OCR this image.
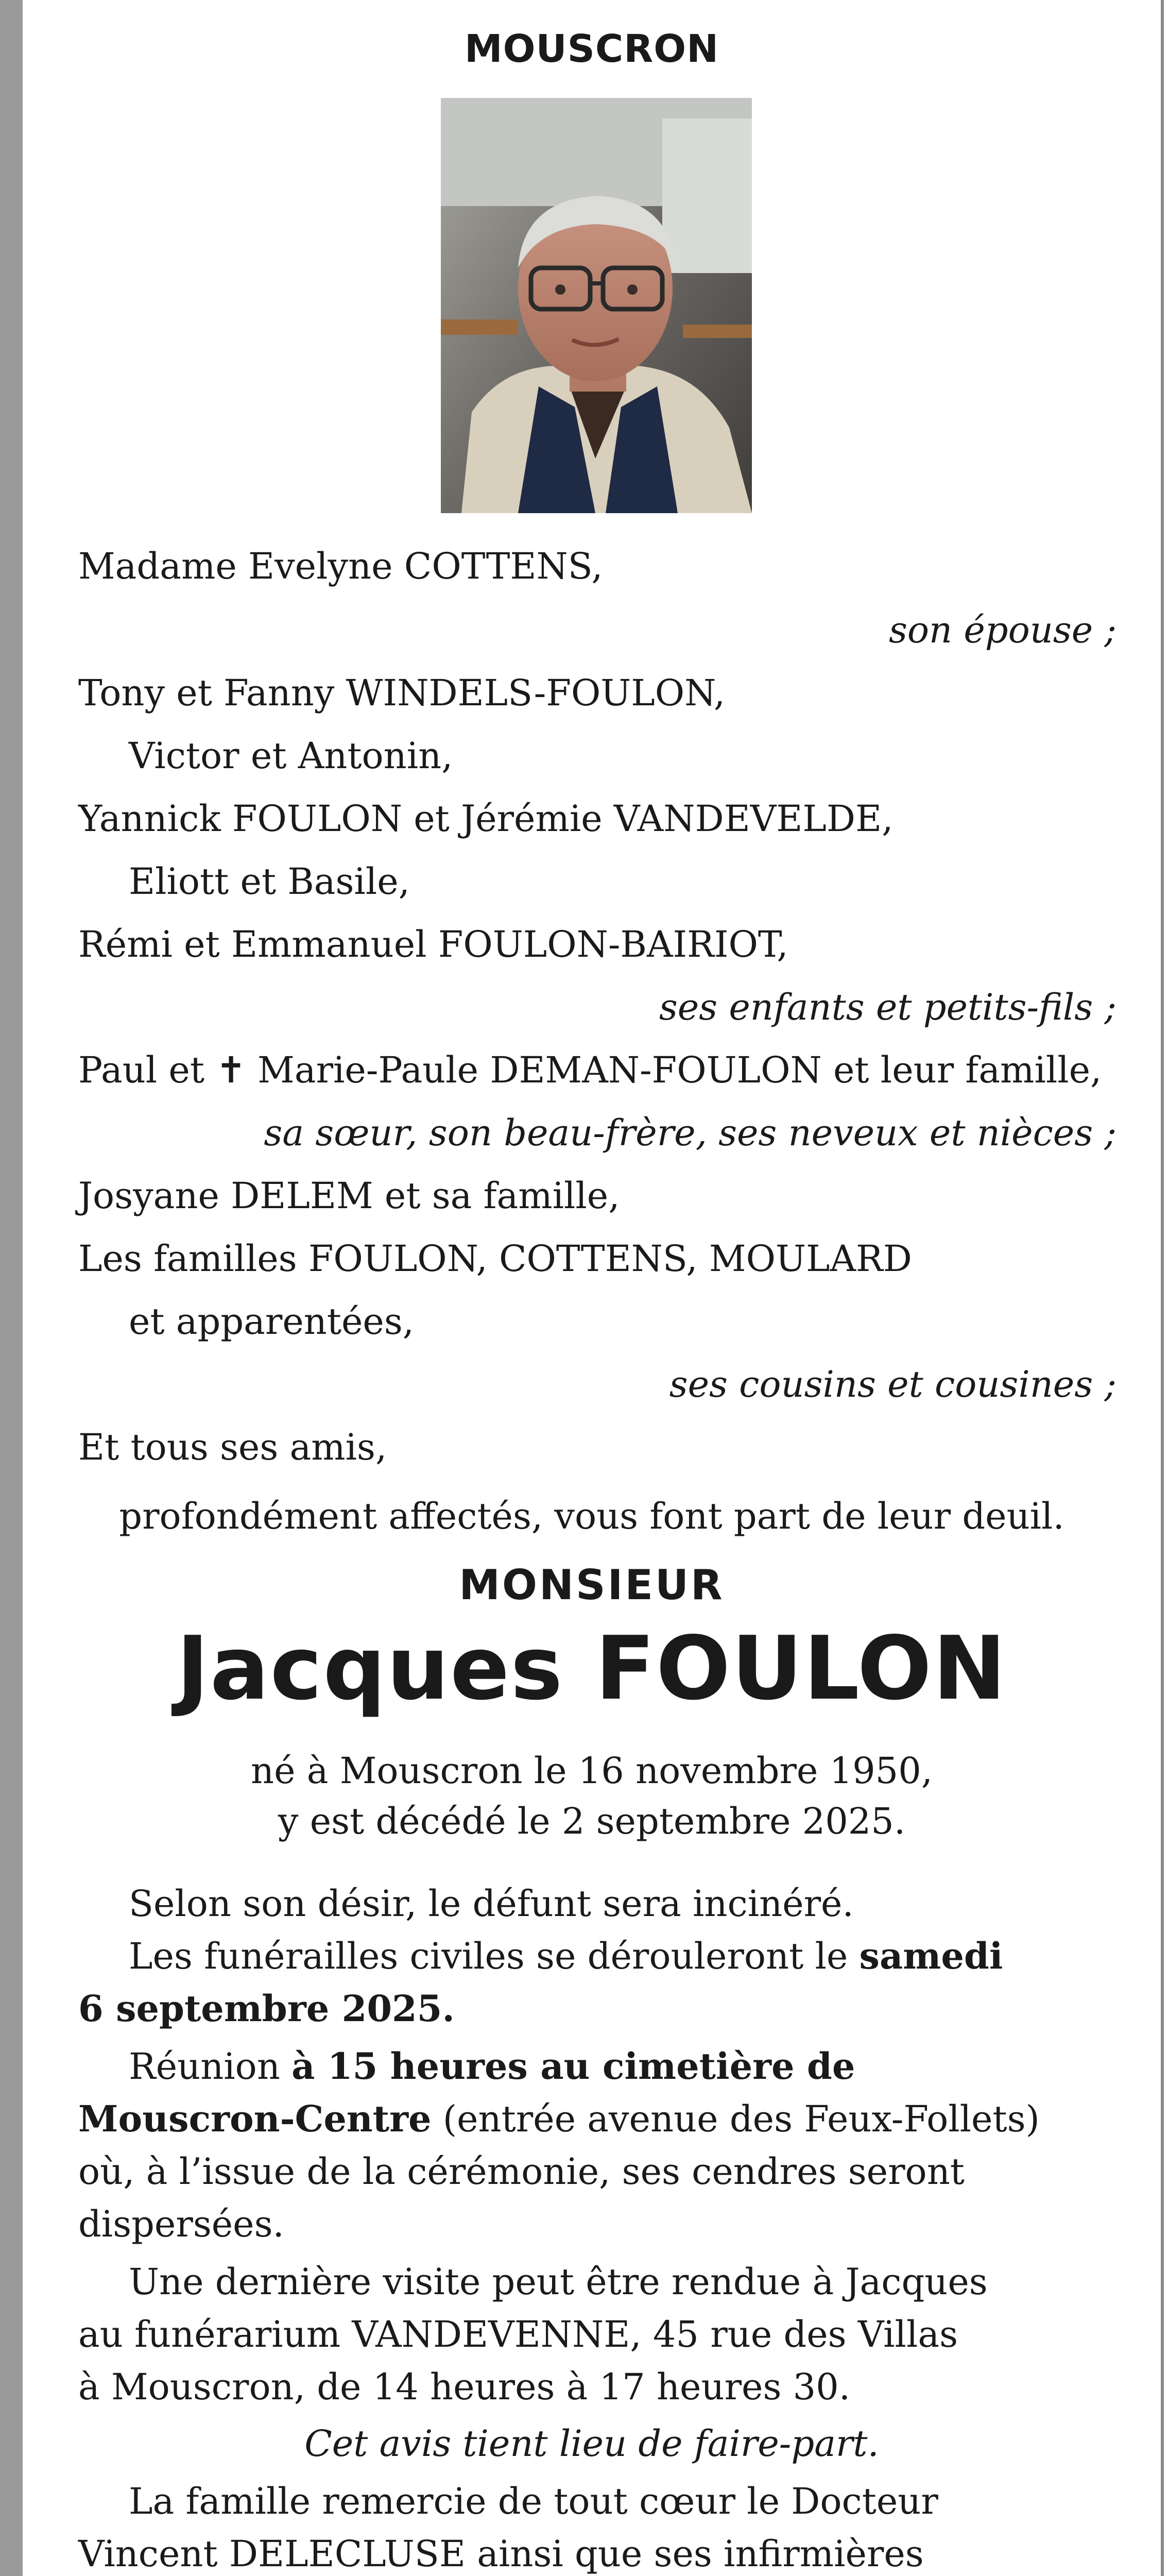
MOUSCRON
Madame Evelyne COTTENS,
son épouse ;
Tony et Fanny WINDELS-FOULON,
Victor et Antonin,
Yannick FOULON et Jérémie VANDEVELDE,
Eliott et Basile,
Rémi et Emmanuel FOULON-BAIRIOT,
ses enfants et petits-fils ;
Paul et ✝ Marie-Paule DEMAN-FOULON et leur famille,
sa sœur, son beau-frère, ses neveux et nièces ;
Josyane DELEM et sa famille,
Les familles FOULON, COTTENS, MOULARD
et apparentées,
ses cousins et cousines ;
Et tous ses amis,
profondément affectés, vous font part de leur deuil.
MONSIEUR
Jacques FOULON
né à Mouscron le 16 novembre 1950,
y est décédé le 2 septembre 2025.
Selon son désir, le défunt sera incinéré.
Les funérailles civiles se dérouleront le samedi
6 septembre 2025.
Réunion à 15 heures au cimetière de
Mouscron-Centre (entrée avenue des Feux-Follets)
où, à l’issue de la cérémonie, ses cendres seront
dispersées.
Une dernière visite peut être rendue à Jacques
au funérarium VANDEVENNE, 45 rue des Villas
à Mouscron, de 14 heures à 17 heures 30.
Cet avis tient lieu de faire-part.
La famille remercie de tout cœur le Docteur
Vincent DELECLUSE ainsi que ses infirmières
